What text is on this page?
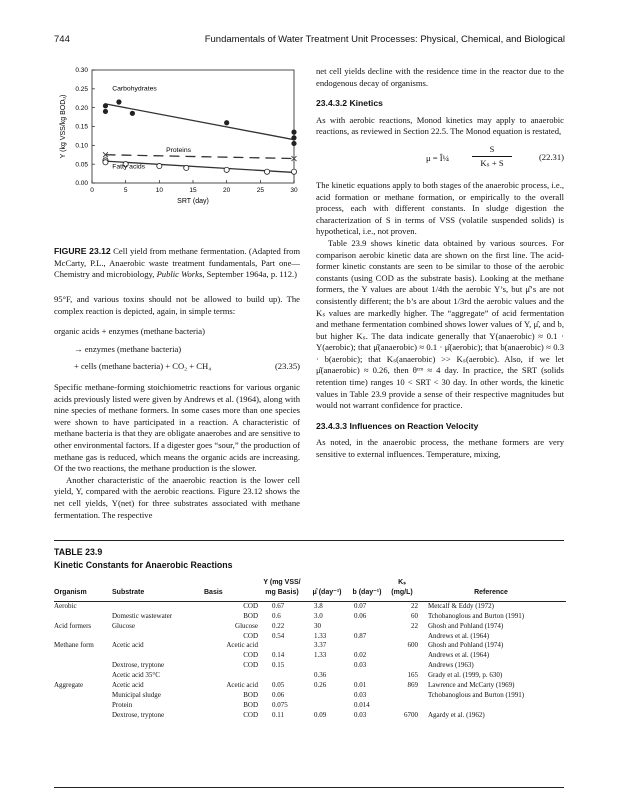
744	Fundamentals of Water Treatment Unit Processes: Physical, Chemical, and Biological
0	5	10	15	20	25	30
0.00
0.05
0.10
0.15
0.20
0.25
0.30
SRT (day)
Y (kg VSS/kg BODᵤ)
Carbohydrates
Proteins
Fatty acids

FIGURE 23.12 Cell yield from methane fermentation. (Adapted from McCarty, P.L., Anaerobic waste treatment fundamentals, Part one—Chemistry and microbiology, Public Works, September 1964a, p. 112.)

95°F, and various toxins should not be allowed to build up). The complex reaction is depicted, again, in simple terms:

organic acids + enzymes (methane bacteria)
→ enzymes (methane bacteria)
+ cells (methane bacteria) + CO₂ + CH₄	(23.35)

Specific methane-forming stoichiometric reactions for various organic acids previously listed were given by Andrews et al. (1964), along with nine species of methane formers. In some cases more than one species were shown to have participated in a reaction. A characteristic of methane bacteria is that they are obligate anaerobes and are sensitive to other environmental factors. If a digester goes “sour,” the production of methane gas is reduced, which means the organic acids are increasing. Of the two reactions, the methane production is the slower.

Another characteristic of the anaerobic reaction is the lower cell yield, Y, compared with the aerobic reactions. Figure 23.12 shows the net cell yields, Y(net) for three substrates associated with methane fermentation. The respective

net cell yields decline with the residence time in the reactor due to the endogenous decay of organisms.

23.4.3.2 Kinetics

As with aerobic reactions, Monod kinetics may apply to anaerobic reactions, as reviewed in Section 22.5. The Monod equation is restated,

μ = Î¼
S
Kₛ + S
(22.31)

The kinetic equations apply to both stages of the anaerobic process, i.e., acid formation or methane formation, or empirically to the overall process, each with different constants. In sludge digestion the characterization of S in terms of VSS (volatile suspended solids) is hypothetical, i.e., not proven.

Table 23.9 shows kinetic data obtained by various sources. For comparison aerobic kinetic data are shown on the first line. The acid-former kinetic constants are seen to be similar to those of the aerobic constants (using COD as the substrate basis). Looking at the methane formers, the Y values are about 1/4th the aerobic Y’s, but μ̂’s are not consistently different; the b’s are about 1/3rd the aerobic values and the Kₛ values are markedly higher. The “aggregate” of acid fermentation and methane fermentation combined shows lower values of Y, μ̂, and b, but higher Kₛ. The data indicate generally that Y(anaerobic) ≈ 0.1 · Y(aerobic); that μ̂(anaerobic) ≈ 0.1 · μ̂(aerobic); that b(anaerobic) ≈ 0.3 · b(aerobic); that Kₛ(anaerobic) >> Kₛ(aerobic). Also, if we let μ̂(anaerobic) ≈ 0.26, then θᶜᵐ ≈ 4 day. In practice, the SRT (solids retention time) ranges 10 < SRT < 30 day. In other words, the kinetic values in Table 23.9 provide a sense of their respective magnitudes but would not warrant confidence for practice.

23.4.3.3 Influences on Reaction Velocity

As noted, in the anaerobic process, the methane formers are very sensitive to external influences. Temperature, mixing,

TABLE 23.9
Kinetic Constants for Anaerobic Reactions
Organism	Substrate	Basis	Y (mg VSS/ mg Basis)	μ̂ (day⁻¹)	b (day⁻¹)	Kₛ (mg/L)	Reference
Aerobic		COD	0.67	3.8	0.07	22	Metcalf & Eddy (1972)
	Domestic wastewater	BOD	0.6	3.0	0.06	60	Tchobanoglous and Burton (1991)
Acid formers	Glucose	Glucose	0.22	30		22	Ghosh and Pohland (1974)
		COD	0.54	1.33	0.87		Andrews et al. (1964)
Methane form	Acetic acid	Acetic acid		3.37		600	Ghosh and Pohland (1974)
		COD	0.14	1.33	0.02		Andrews et al. (1964)
	Dextrose, tryptone	COD	0.15		0.03		Andrews (1963)
	Acetic acid 35°C			0.36		165	Grady et al. (1999, p. 630)
Aggregate	Acetic acid	Acetic acid	0.05	0.26	0.01	869	Lawrence and McCarty (1969)
	Municipal sludge	BOD	0.06		0.03		Tchobanoglous and Burton (1991)
	Protein	BOD	0.075		0.014		
	Dextrose, tryptone	COD	0.11	0.09	0.03	6700	Agardy et al. (1962)
